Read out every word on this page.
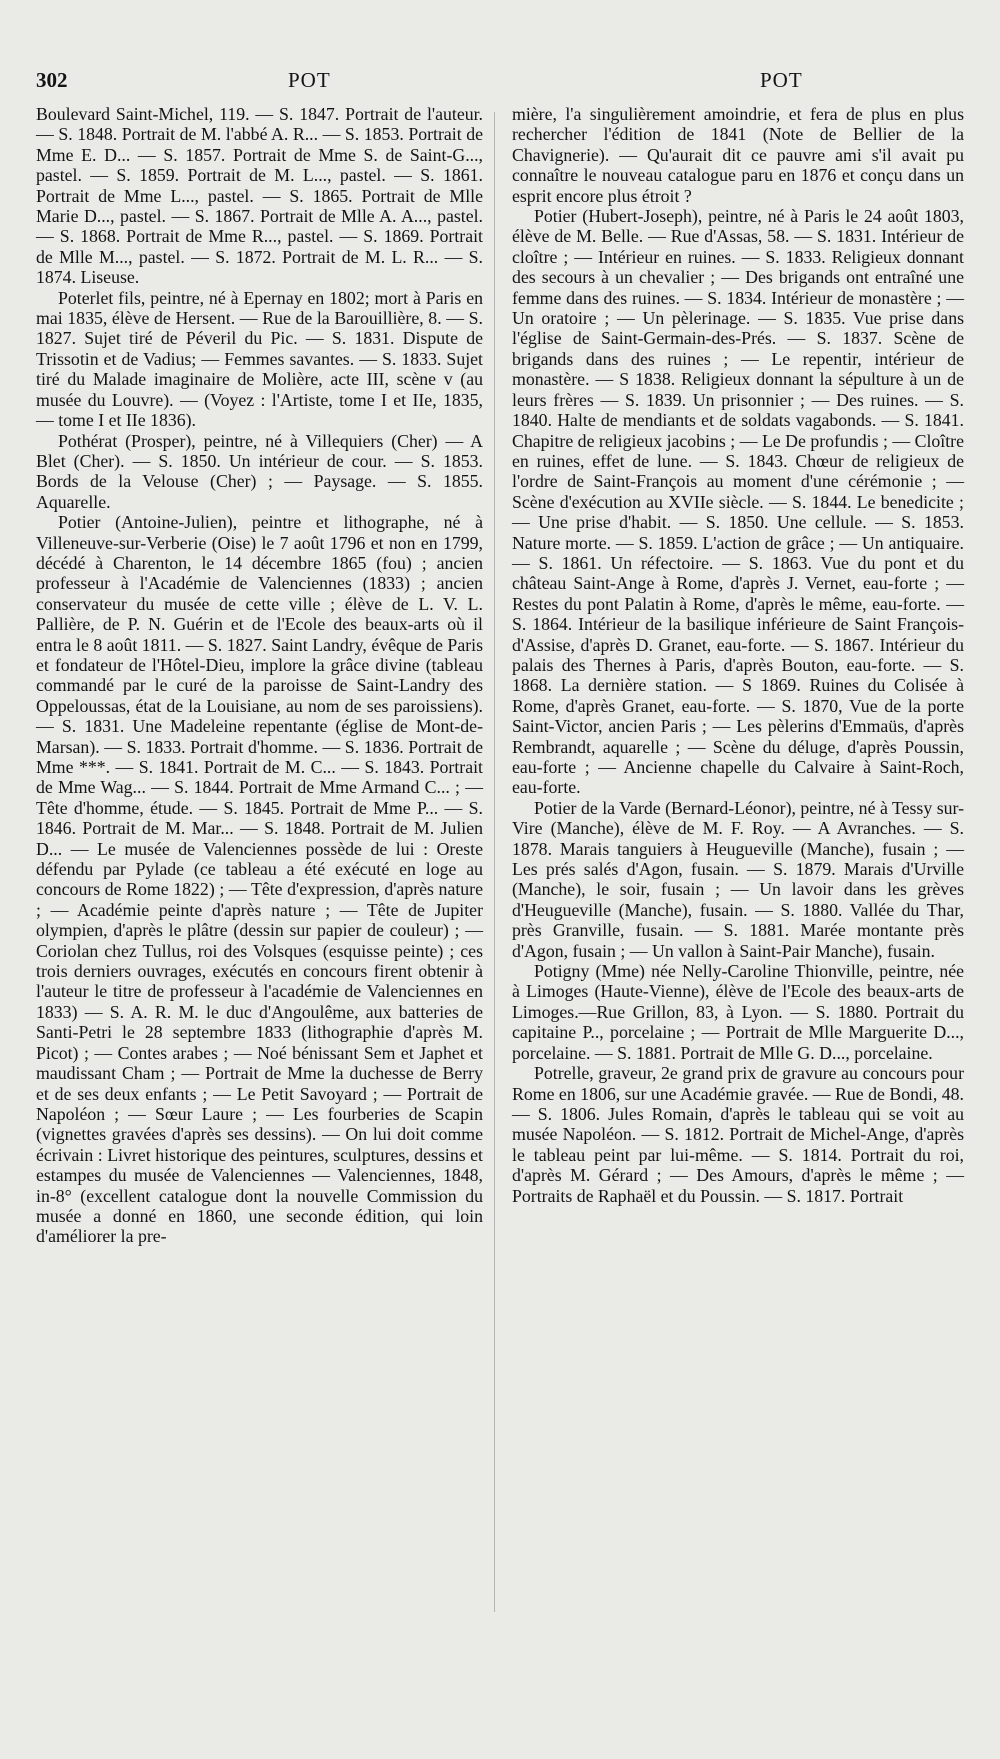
302	POT	POT

Boulevard Saint-Michel, 119. — S. 1847. Portrait de l'auteur. — S. 1848. Portrait de M. l'abbé A. R... — S. 1853. Portrait de Mme E. D... — S. 1857. Portrait de Mme S. de Saint-G..., pastel. — S. 1859. Portrait de M. L..., pastel. — S. 1861. Portrait de Mme L..., pastel. — S. 1865. Portrait de Mlle Marie D..., pastel. — S. 1867. Portrait de Mlle A. A..., pastel. — S. 1868. Portrait de Mme R..., pastel. — S. 1869. Portrait de Mlle M..., pastel. — S. 1872. Portrait de M. L. R... — S. 1874. Liseuse.

Poterlet fils, peintre, né à Epernay en 1802; mort à Paris en mai 1835, élève de Hersent. — Rue de la Barouillière, 8. — S. 1827. Sujet tiré de Péveril du Pic. — S. 1831. Dispute de Trissotin et de Vadius; — Femmes savantes. — S. 1833. Sujet tiré du Malade imaginaire de Molière, acte III, scène v (au musée du Louvre). — (Voyez : l'Artiste, tome I et IIe, 1835, — tome I et IIe 1836).

Pothérat (Prosper), peintre, né à Villequiers (Cher) — A Blet (Cher). — S. 1850. Un intérieur de cour. — S. 1853. Bords de la Velouse (Cher) ; — Paysage. — S. 1855. Aquarelle.

Potier (Antoine-Julien), peintre et lithographe, né à Villeneuve-sur-Verberie (Oise) le 7 août 1796 et non en 1799, décédé à Charenton, le 14 décembre 1865 (fou) ; ancien professeur à l'Académie de Valenciennes (1833) ; ancien conservateur du musée de cette ville ; élève de L. V. L. Pallière, de P. N. Guérin et de l'Ecole des beaux-arts où il entra le 8 août 1811. — S. 1827. Saint Landry, évêque de Paris et fondateur de l'Hôtel-Dieu, implore la grâce divine (tableau commandé par le curé de la paroisse de Saint-Landry des Oppeloussas, état de la Louisiane, au nom de ses paroissiens). — S. 1831. Une Madeleine repentante (église de Mont-de-Marsan). — S. 1833. Portrait d'homme. — S. 1836. Portrait de Mme ***. — S. 1841. Portrait de M. C... — S. 1843. Portrait de Mme Wag... — S. 1844. Portrait de Mme Armand C... ; — Tête d'homme, étude. — S. 1845. Portrait de Mme P... — S. 1846. Portrait de M. Mar... — S. 1848. Portrait de M. Julien D... — Le musée de Valenciennes possède de lui : Oreste défendu par Pylade (ce tableau a été exécuté en loge au concours de Rome 1822) ; — Tête d'expression, d'après nature ; — Académie peinte d'après nature ; — Tête de Jupiter olympien, d'après le plâtre (dessin sur papier de couleur) ; — Coriolan chez Tullus, roi des Volsques (esquisse peinte) ; ces trois derniers ouvrages, exécutés en concours firent obtenir à l'auteur le titre de professeur à l'académie de Valenciennes en 1833) — S. A. R. M. le duc d'Angoulême, aux batteries de Santi-Petri le 28 septembre 1833 (lithographie d'après M. Picot) ; — Contes arabes ; — Noé bénissant Sem et Japhet et maudissant Cham ; — Portrait de Mme la duchesse de Berry et de ses deux enfants ; — Le Petit Savoyard ; — Portrait de Napoléon ; — Sœur Laure ; — Les fourberies de Scapin (vignettes gravées d'après ses dessins). — On lui doit comme écrivain : Livret historique des peintures, sculptures, dessins et estampes du musée de Valenciennes — Valenciennes, 1848, in-8° (excellent catalogue dont la nouvelle Commission du musée a donné en 1860, une seconde édition, qui loin d'améliorer la pre-

mière, l'a singulièrement amoindrie, et fera de plus en plus rechercher l'édition de 1841 (Note de Bellier de la Chavignerie). — Qu'aurait dit ce pauvre ami s'il avait pu connaître le nouveau catalogue paru en 1876 et conçu dans un esprit encore plus étroit ?

Potier (Hubert-Joseph), peintre, né à Paris le 24 août 1803, élève de M. Belle. — Rue d'Assas, 58. — S. 1831. Intérieur de cloître ; — Intérieur en ruines. — S. 1833. Religieux donnant des secours à un chevalier ; — Des brigands ont entraîné une femme dans des ruines. — S. 1834. Intérieur de monastère ; — Un oratoire ; — Un pèlerinage. — S. 1835. Vue prise dans l'église de Saint-Germain-des-Prés. — S. 1837. Scène de brigands dans des ruines ; — Le repentir, intérieur de monastère. — S 1838. Religieux donnant la sépulture à un de leurs frères — S. 1839. Un prisonnier ; — Des ruines. — S. 1840. Halte de mendiants et de soldats vagabonds. — S. 1841. Chapitre de religieux jacobins ; — Le De profundis ; — Cloître en ruines, effet de lune. — S. 1843. Chœur de religieux de l'ordre de Saint-François au moment d'une cérémonie ; — Scène d'exécution au XVIIe siècle. — S. 1844. Le benedicite ; — Une prise d'habit. — S. 1850. Une cellule. — S. 1853. Nature morte. — S. 1859. L'action de grâce ; — Un antiquaire. — S. 1861. Un réfectoire. — S. 1863. Vue du pont et du château Saint-Ange à Rome, d'après J. Vernet, eau-forte ; — Restes du pont Palatin à Rome, d'après le même, eau-forte. — S. 1864. Intérieur de la basilique inférieure de Saint François-d'Assise, d'après D. Granet, eau-forte. — S. 1867. Intérieur du palais des Thernes à Paris, d'après Bouton, eau-forte. — S. 1868. La dernière station. — S 1869. Ruines du Colisée à Rome, d'après Granet, eau-forte. — S. 1870, Vue de la porte Saint-Victor, ancien Paris ; — Les pèlerins d'Emmaüs, d'après Rembrandt, aquarelle ; — Scène du déluge, d'après Poussin, eau-forte ; — Ancienne chapelle du Calvaire à Saint-Roch, eau-forte.

Potier de la Varde (Bernard-Léonor), peintre, né à Tessy sur-Vire (Manche), élève de M. F. Roy. — A Avranches. — S. 1878. Marais tanguiers à Heugueville (Manche), fusain ; — Les prés salés d'Agon, fusain. — S. 1879. Marais d'Urville (Manche), le soir, fusain ; — Un lavoir dans les grèves d'Heugueville (Manche), fusain. — S. 1880. Vallée du Thar, près Granville, fusain. — S. 1881. Marée montante près d'Agon, fusain ; — Un vallon à Saint-Pair Manche), fusain.

Potigny (Mme) née Nelly-Caroline Thionville, peintre, née à Limoges (Haute-Vienne), élève de l'Ecole des beaux-arts de Limoges.—Rue Grillon, 83, à Lyon. — S. 1880. Portrait du capitaine P.., porcelaine ; — Portrait de Mlle Marguerite D..., porcelaine. — S. 1881. Portrait de Mlle G. D..., porcelaine.

Potrelle, graveur, 2e grand prix de gravure au concours pour Rome en 1806, sur une Académie gravée. — Rue de Bondi, 48. — S. 1806. Jules Romain, d'après le tableau qui se voit au musée Napoléon. — S. 1812. Portrait de Michel-Ange, d'après le tableau peint par lui-même. — S. 1814. Portrait du roi, d'après M. Gérard ; — Des Amours, d'après le même ; — Portraits de Raphaël et du Poussin. — S. 1817. Portrait
